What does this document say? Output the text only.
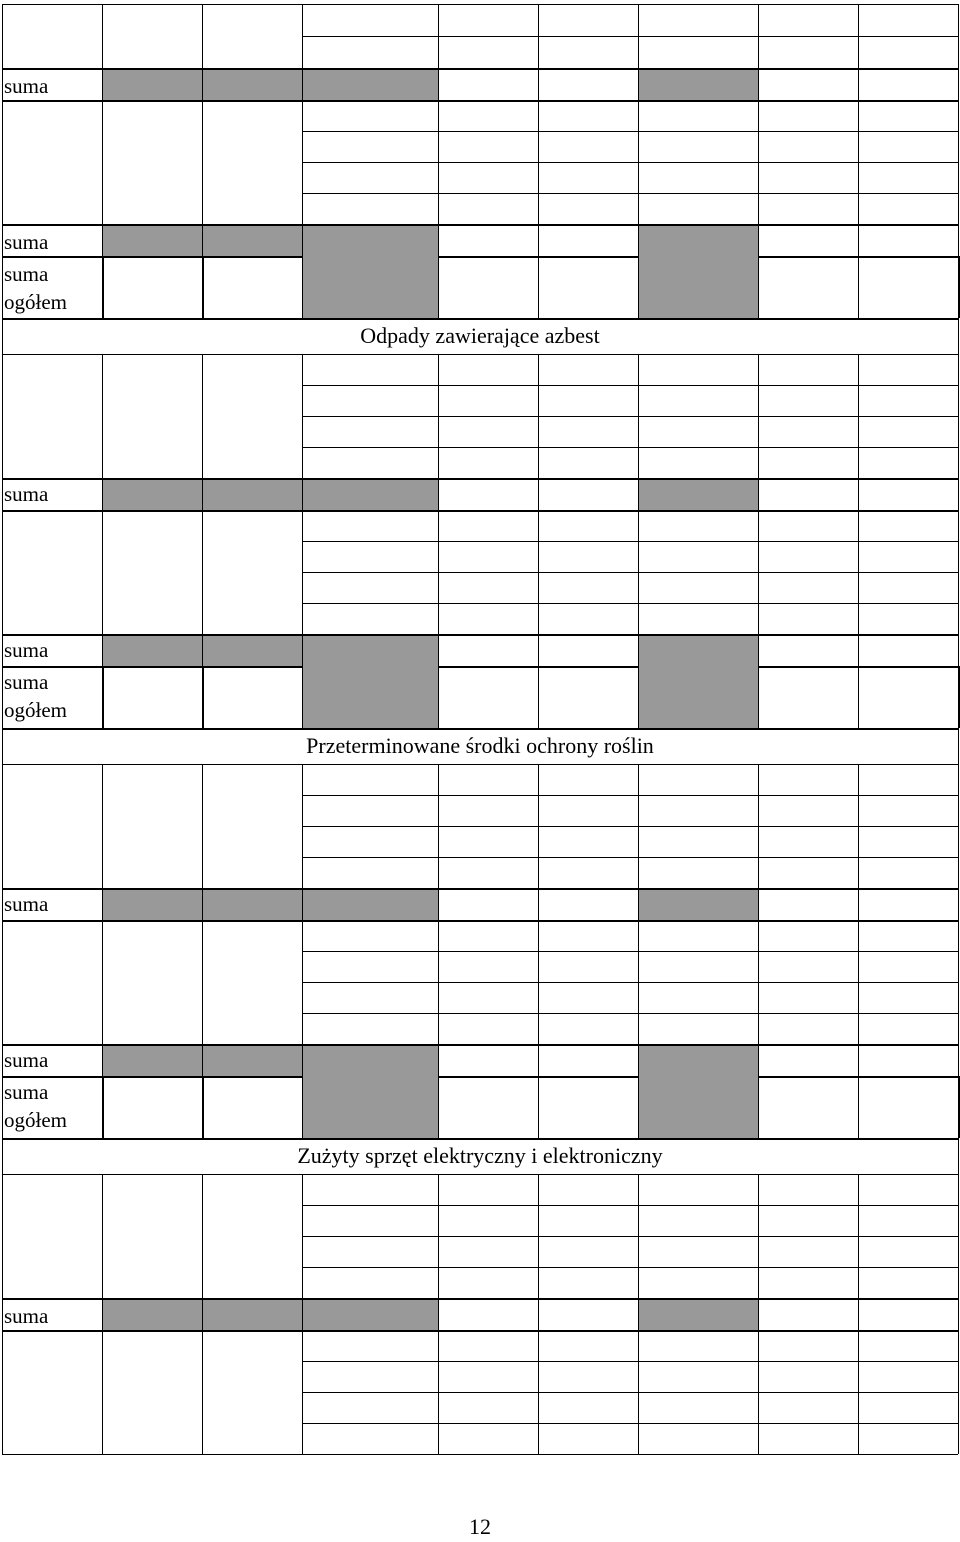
suma
suma
suma
ogółem
Odpady zawierające azbest
suma
suma
suma
ogółem
Przeterminowane środki ochrony roślin
suma
suma
suma
ogółem
Zużyty sprzęt elektryczny i elektroniczny
suma
12
